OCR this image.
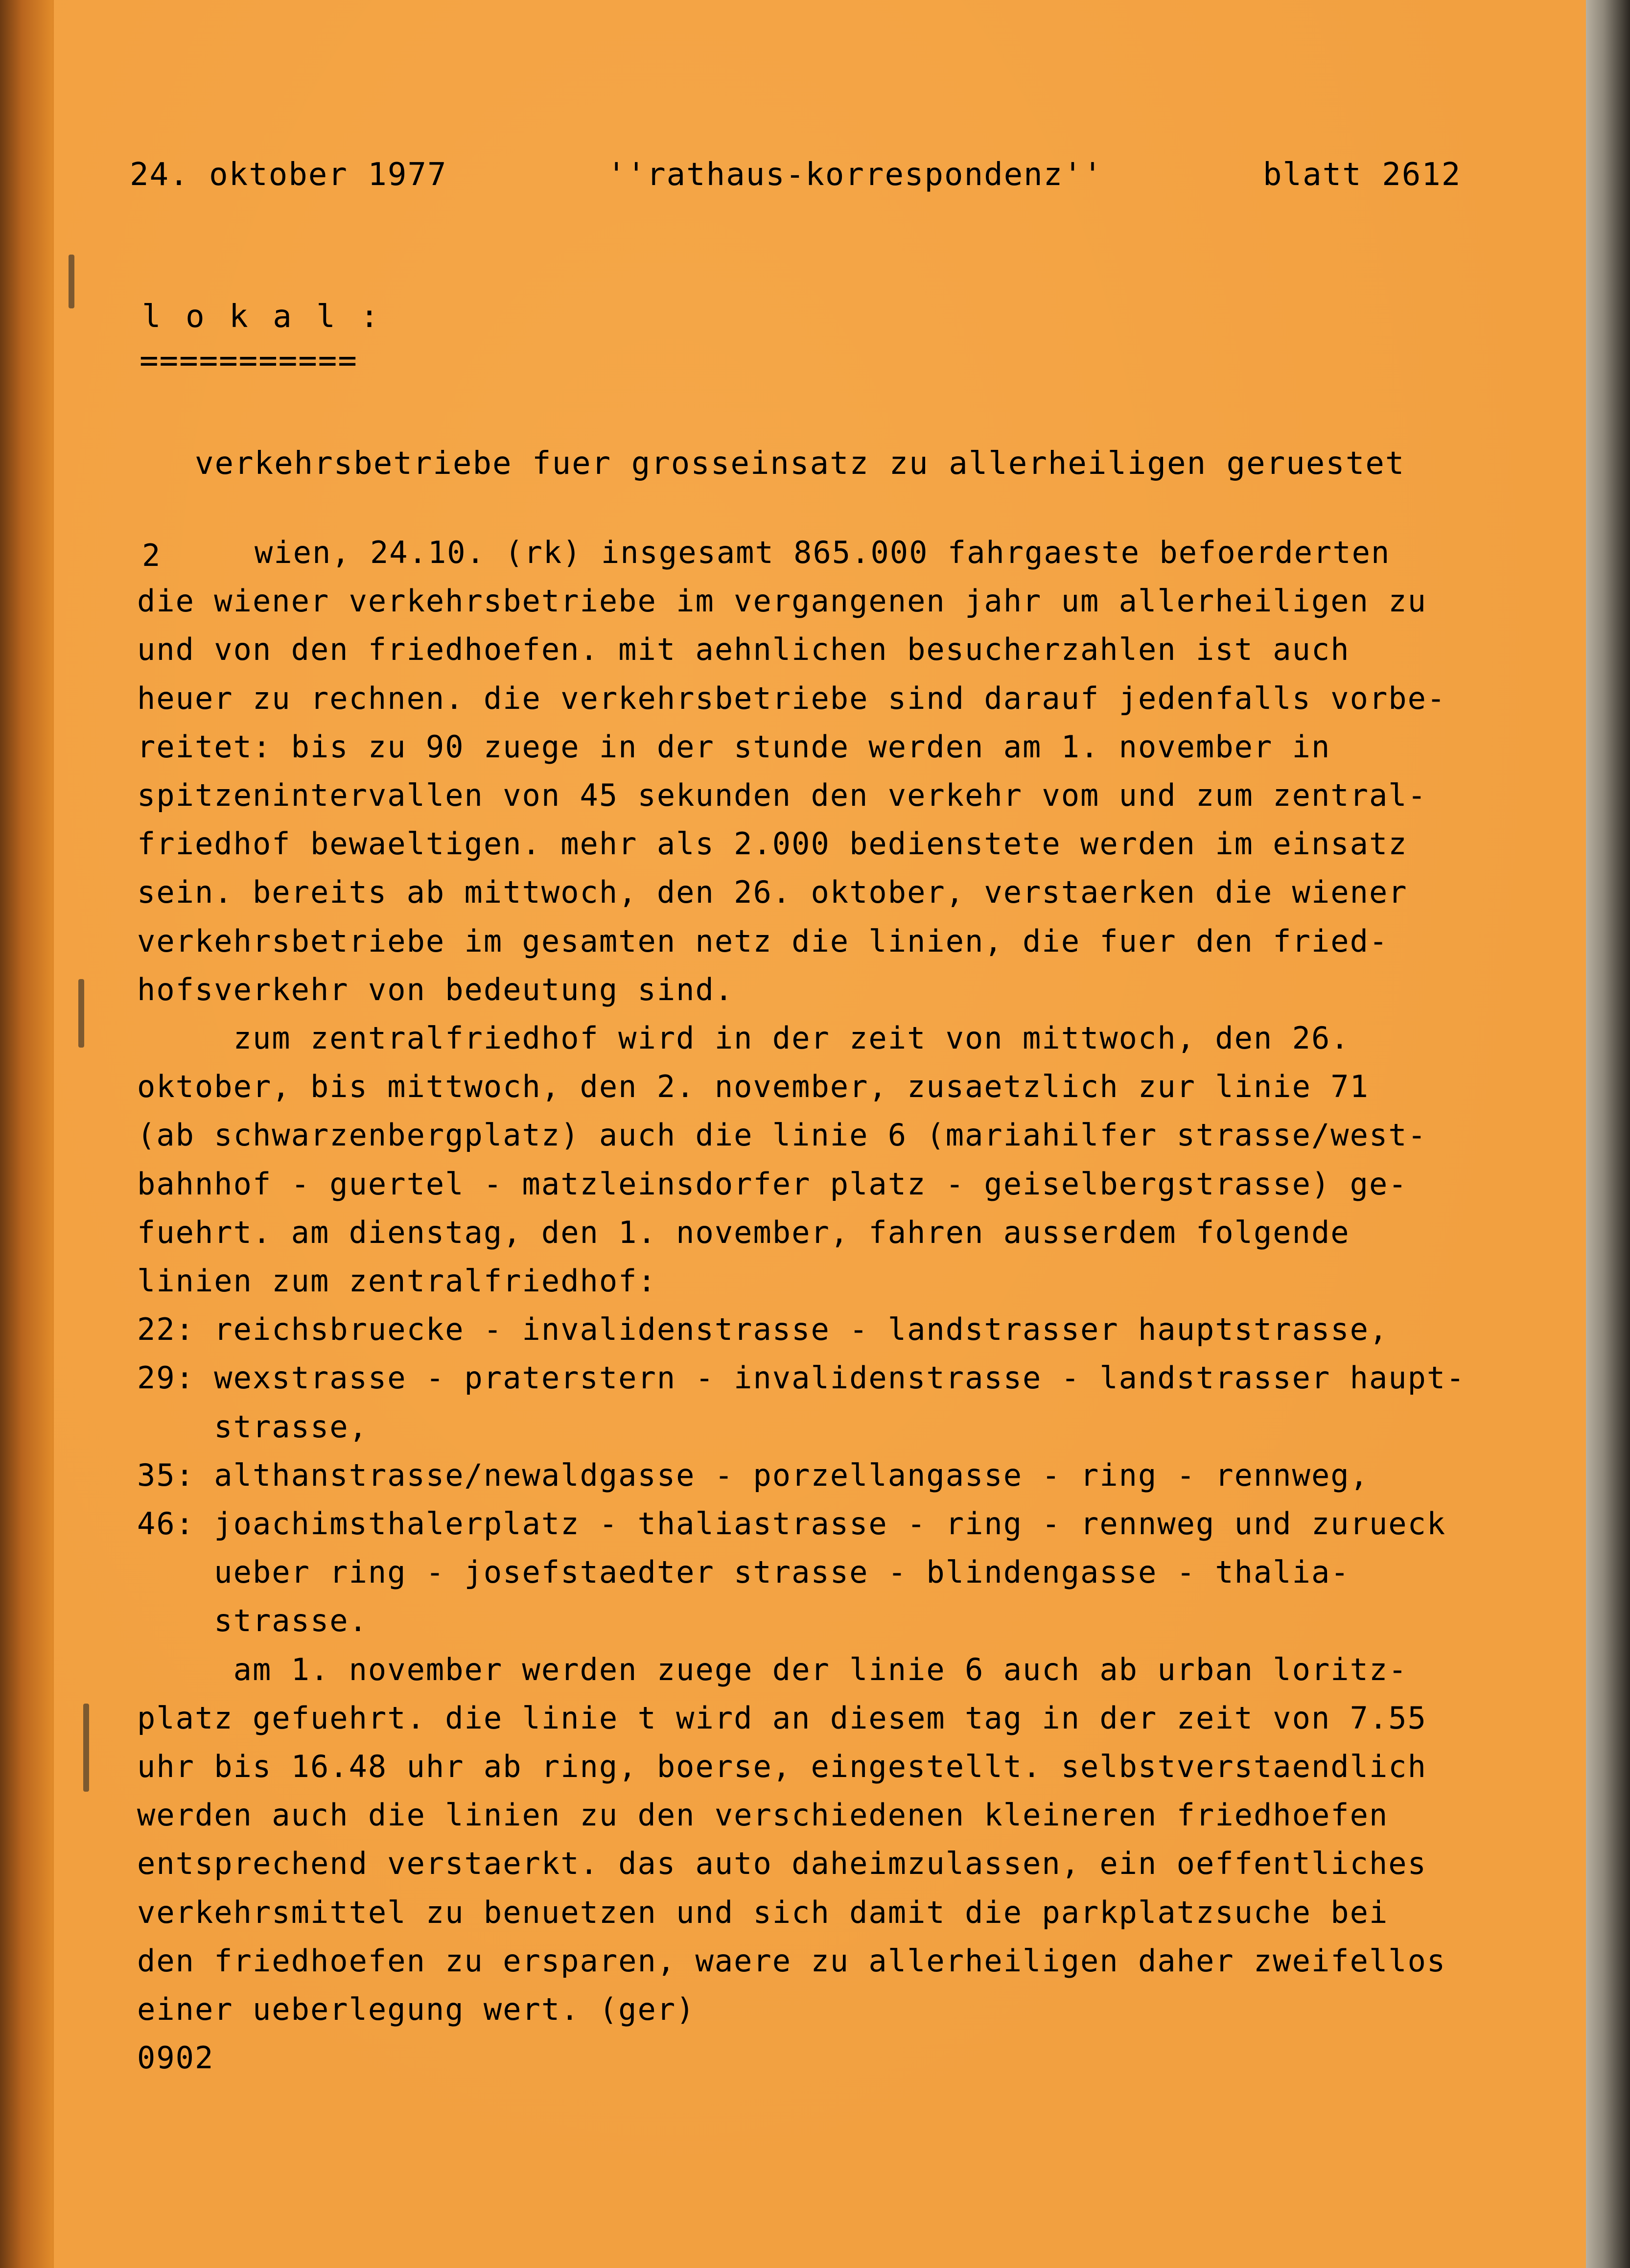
24. oktober 1977	''rathaus-korrespondenz''	blatt 2612
l o k a l :
===========
verkehrsbetriebe fuer grosseinsatz zu allerheiligen geruestet
2	wien, 24.10. (rk) insgesamt 865.000 fahrgaeste befoerderten
die wiener verkehrsbetriebe im vergangenen jahr um allerheiligen zu
und von den friedhoefen. mit aehnlichen besucherzahlen ist auch
heuer zu rechnen. die verkehrsbetriebe sind darauf jedenfalls vorbe-
reitet: bis zu 90 zuege in der stunde werden am 1. november in
spitzenintervallen von 45 sekunden den verkehr vom und zum zentral-
friedhof bewaeltigen. mehr als 2.000 bedienstete werden im einsatz
sein. bereits ab mittwoch, den 26. oktober, verstaerken die wiener
verkehrsbetriebe im gesamten netz die linien, die fuer den fried-
hofsverkehr von bedeutung sind.
zum zentralfriedhof wird in der zeit von mittwoch, den 26.
oktober, bis mittwoch, den 2. november, zusaetzlich zur linie 71
(ab schwarzenbergplatz) auch die linie 6 (mariahilfer strasse/west-
bahnhof - guertel - matzleinsdorfer platz - geiselbergstrasse) ge-
fuehrt. am dienstag, den 1. november, fahren ausserdem folgende
linien zum zentralfriedhof:
22: reichsbruecke - invalidenstrasse - landstrasser hauptstrasse,
29: wexstrasse - praterstern - invalidenstrasse - landstrasser haupt-
strasse,
35: althanstrasse/newaldgasse - porzellangasse - ring - rennweg,
46: joachimsthalerplatz - thaliastrasse - ring - rennweg und zurueck
ueber ring - josefstaedter strasse - blindengasse - thalia-
strasse.
am 1. november werden zuege der linie 6 auch ab urban loritz-
platz gefuehrt. die linie t wird an diesem tag in der zeit von 7.55
uhr bis 16.48 uhr ab ring, boerse, eingestellt. selbstverstaendlich
werden auch die linien zu den verschiedenen kleineren friedhoefen
entsprechend verstaerkt. das auto daheimzulassen, ein oeffentliches
verkehrsmittel zu benuetzen und sich damit die parkplatzsuche bei
den friedhoefen zu ersparen, waere zu allerheiligen daher zweifellos
einer ueberlegung wert. (ger)
0902
